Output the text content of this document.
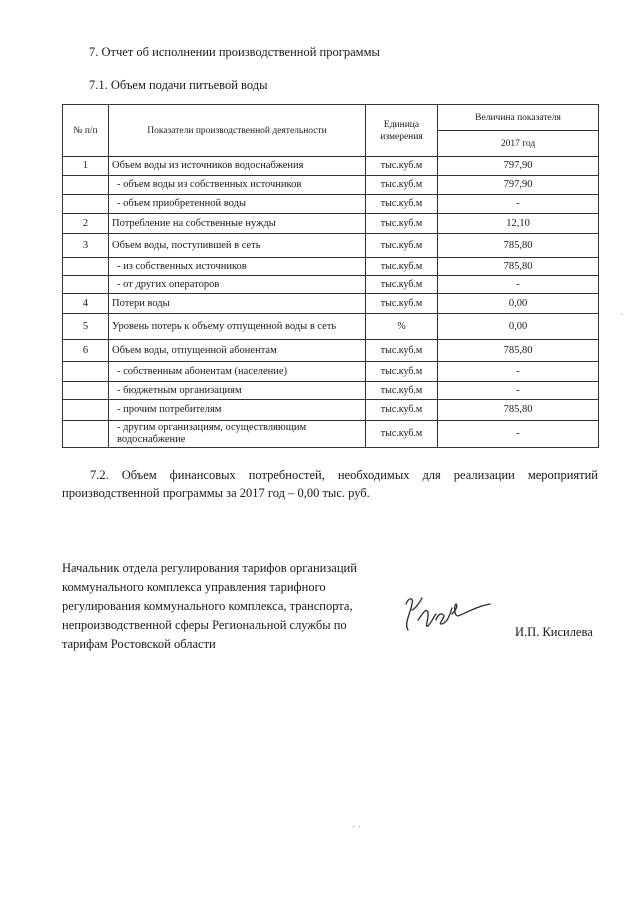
7. Отчет об исполнении производственной программы
7.1. Объем подачи питьевой воды
№ п/п	Показатели производственной деятельности	Единица измерения	Величина показателя
			2017 год
1	Объем воды из источников водоснабжения	тыс.куб.м	797,90
	- объем воды из собственных источников	тыс.куб.м	797,90
	- объем приобретенной воды	тыс.куб.м	-
2	Потребление на собственные нужды	тыс.куб.м	12,10
3	Объем воды, поступившей в сеть	тыс.куб.м	785,80
	- из собственных источников	тыс.куб.м	785,80
	- от других операторов	тыс.куб.м	-
4	Потери воды	тыс.куб.м	0,00
5	Уровень потерь к объему отпущенной воды в сеть	%	0,00
6	Объем воды, отпущенной абонентам	тыс.куб.м	785,80
	- собственным абонентам (население)	тыс.куб.м	-
	- бюджетным организациям	тыс.куб.м	-
	- прочим потребителям	тыс.куб.м	785,80
	- другим организациям, осуществляющим водоснабжение	тыс.куб.м	-
7.2. Объем финансовых потребностей, необходимых для реализации мероприятий
производственной программы за 2017 год – 0,00 тыс. руб.
Начальник отдела регулирования тарифов организаций
коммунального комплекса управления тарифного
регулирования коммунального комплекса, транспорта,
непроизводственной сферы Региональной службы по
тарифам Ростовской области
И.П. Кисилева
·
· ·
